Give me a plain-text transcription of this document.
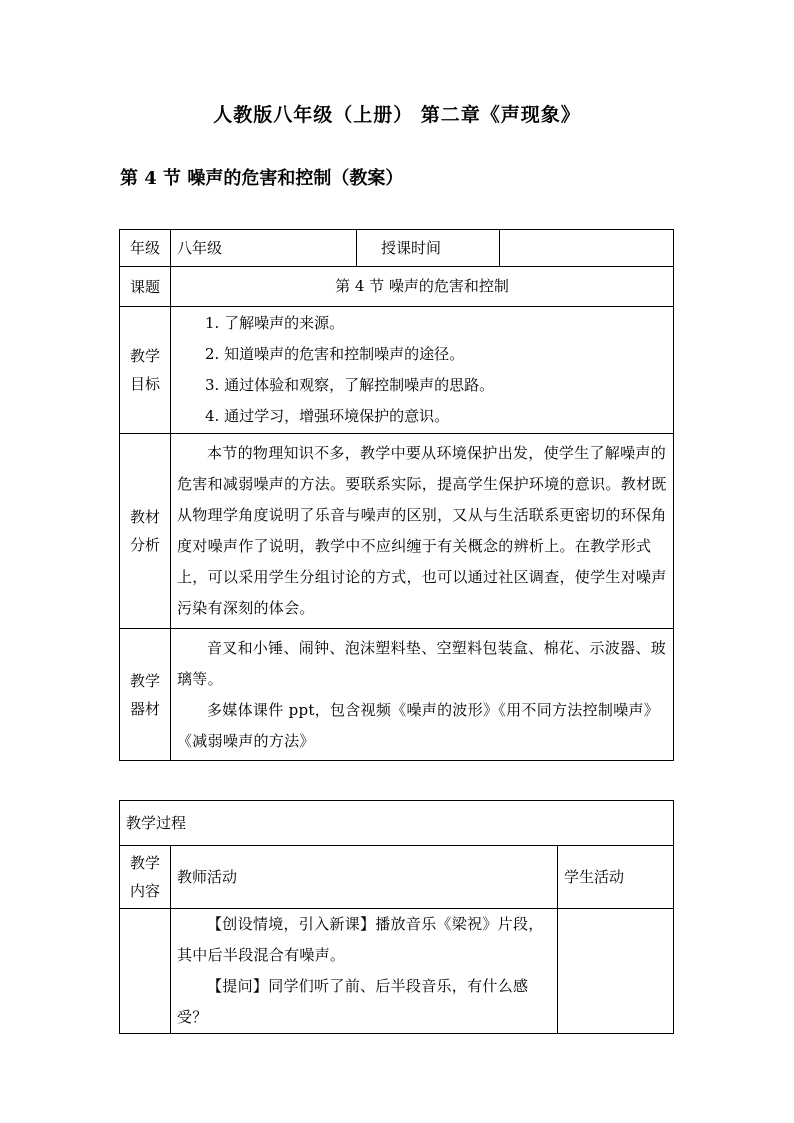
人教版八年级（上册） 第二章《声现象》
第 4 节 噪声的危害和控制（教案）
年级	八年级	授课时间	
课题	第 4 节 噪声的危害和控制		
教学目标	1. 了解噪声的来源。

2. 知道噪声的危害和控制噪声的途径。

3. 通过体验和观察，了解控制噪声的思路。

4. 通过学习，增强环境保护的意识。		

教材分析	本节的物理知识不多，教学中要从环境保护出发，使学生了解噪声的危害和减弱噪声的方法。要联系实际，提高学生保护环境的意识。教材既从物理学角度说明了乐音与噪声的区别，又从与生活联系更密切的环保角度对噪声作了说明，教学中不应纠缠于有关概念的辨析上。在教学形式上，可以采用学生分组讨论的方式，也可以通过社区调查，使学生对噪声污染有深刻的体会。		

教学器材	音叉和小锤、闹钟、泡沫塑料垫、空塑料包装盒、棉花、示波器、玻璃等。

多媒体课件 ppt，包含视频《噪声的波形》《用不同方法控制噪声》《减弱噪声的方法》		

教学过程		
教学内容	教师活动	学生活动

	【创设情境，引入新课】播放音乐《梁祝》片段，其中后半段混合有噪声。

【提问】同学们听了前、后半段音乐，有什么感受？	
